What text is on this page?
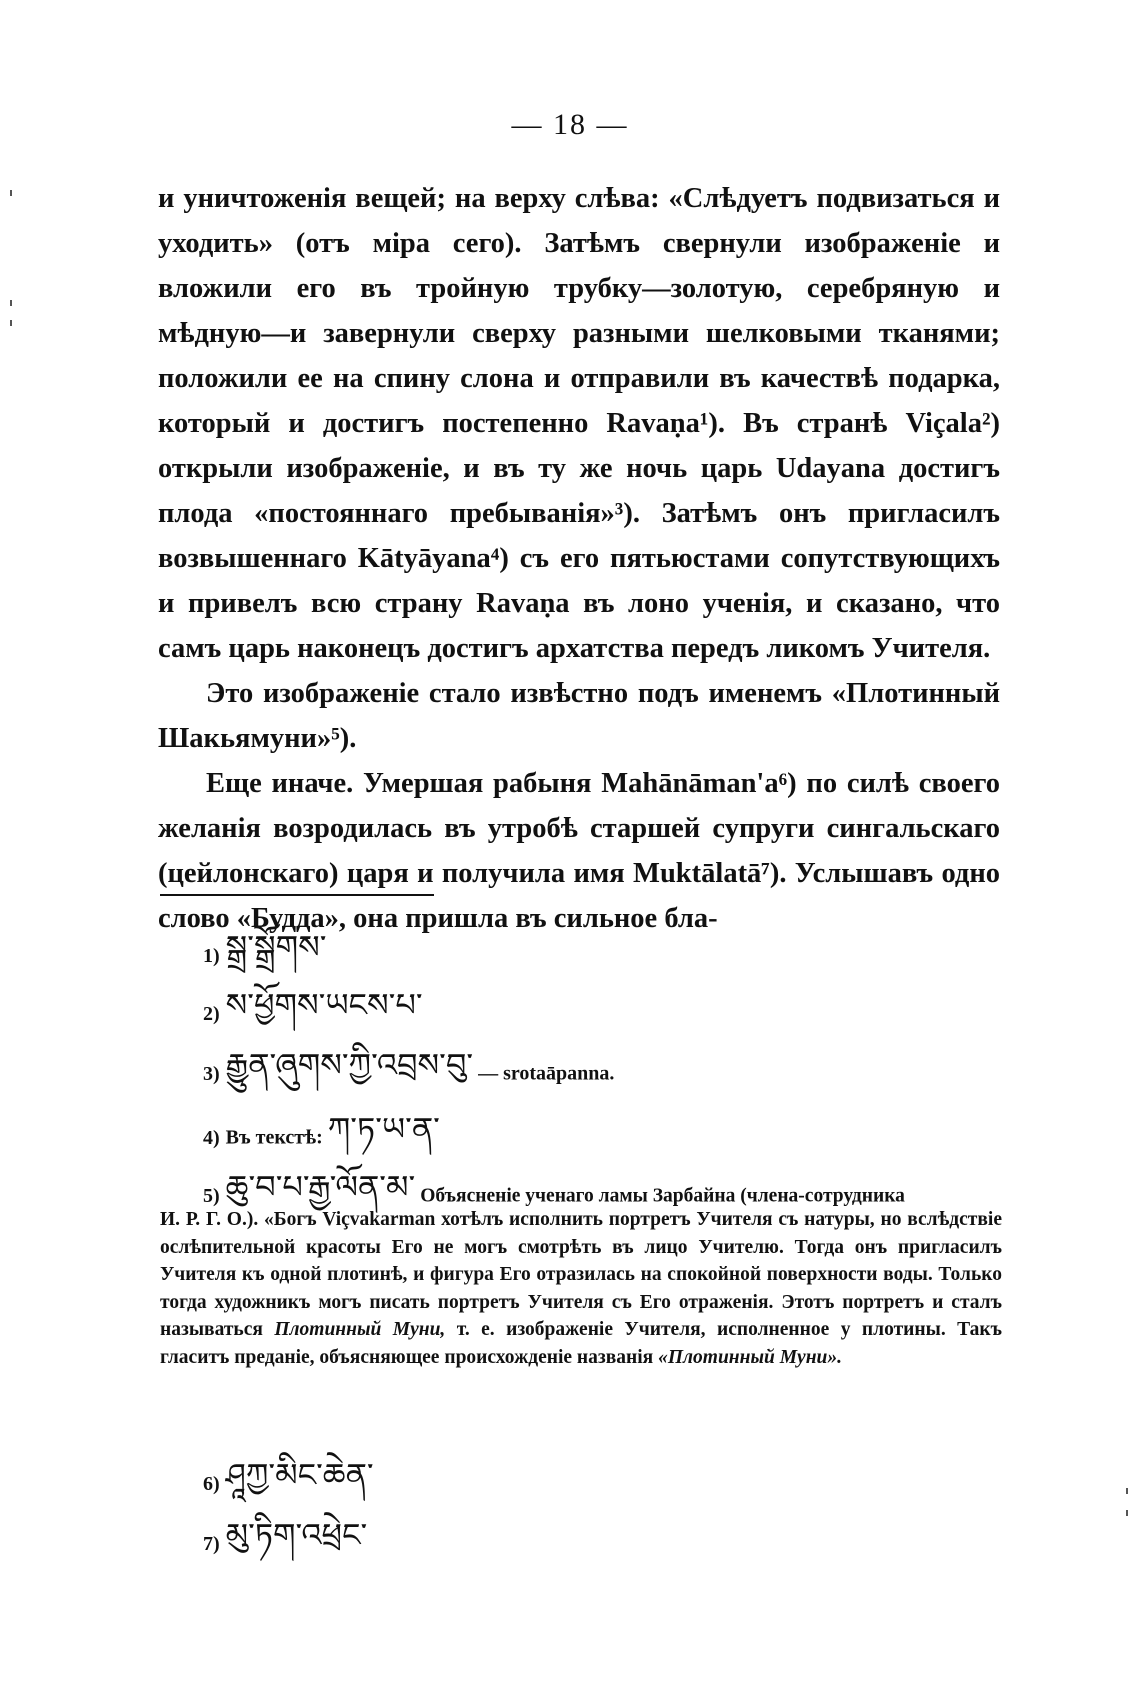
— 18 —

и уничтоженія вещей; на верху слѣва: «Слѣдуетъ подвизаться и уходить» (отъ міра сего). Затѣмъ свернули изображеніе и вложили его въ тройную трубку—золотую, серебряную и мѣдную—и завернули сверху разными шелковыми тканями; положили ее на спину слона и отправили въ качествѣ подарка, который и достигъ постепенно Ravaṇa¹). Въ странѣ Viçala²) открыли изображеніе, и въ ту же ночь царь Udayana достигъ плода «постояннаго пребыванія»³). Затѣмъ онъ пригласилъ возвышеннаго Kātyāyana⁴) съ его пятьюстами сопутствующихъ и привелъ всю страну Ravaṇa въ лоно ученія, и сказано, что самъ царь наконецъ достигъ архатства передъ ликомъ Учителя.

Это изображеніе стало извѣстно подъ именемъ «Плотинный Шакьямуни»⁵).

Еще иначе. Умершая рабыня Mahānāman'a⁶) по силѣ своего желанія возродилась въ утробѣ старшей супруги сингальскаго (цейлонскаго) царя и получила имя Muktālatā⁷). Услышавъ одно слово «Будда», она пришла въ сильное бла-

1) སྒྲ་སྒྲོགས་
2) ས་ཕྱོགས་ཡངས་པ་
3) རྒྱུན་ཞུགས་ཀྱི་འབྲས་བུ་ — srotaāpanna.
4) Въ текстѣ: ཀ་ཏ་ཡ་ན་
5) ཆུ་བ་པ་རྒྱ་ལོན་མ་ Объясненіе ученаго ламы Зарбайна (члена-сотрудника
И. Р. Г. О.). «Богъ Viçvakarman хотѣлъ исполнить портретъ Учителя съ натуры, но вслѣдствіе ослѣпительной красоты Его не могъ смотрѣть въ лицо Учителю. Тогда онъ пригласилъ Учителя къ одной плотинѣ, и фигура Его отразилась на спокойной поверхности воды. Только тогда художникъ могъ писать портретъ Учителя съ Его отраженія. Этотъ портретъ и сталъ называться Плотинный Муни, т. е. изображеніе Учителя, исполненное у плотины. Такъ гласитъ преданіе, объясняющее происхожденіе названія «Плотинный Муни».
6) ཤཱཀྱ་མིང་ཆེན་
7) མུ་ཏིག་འཕྲེང་
